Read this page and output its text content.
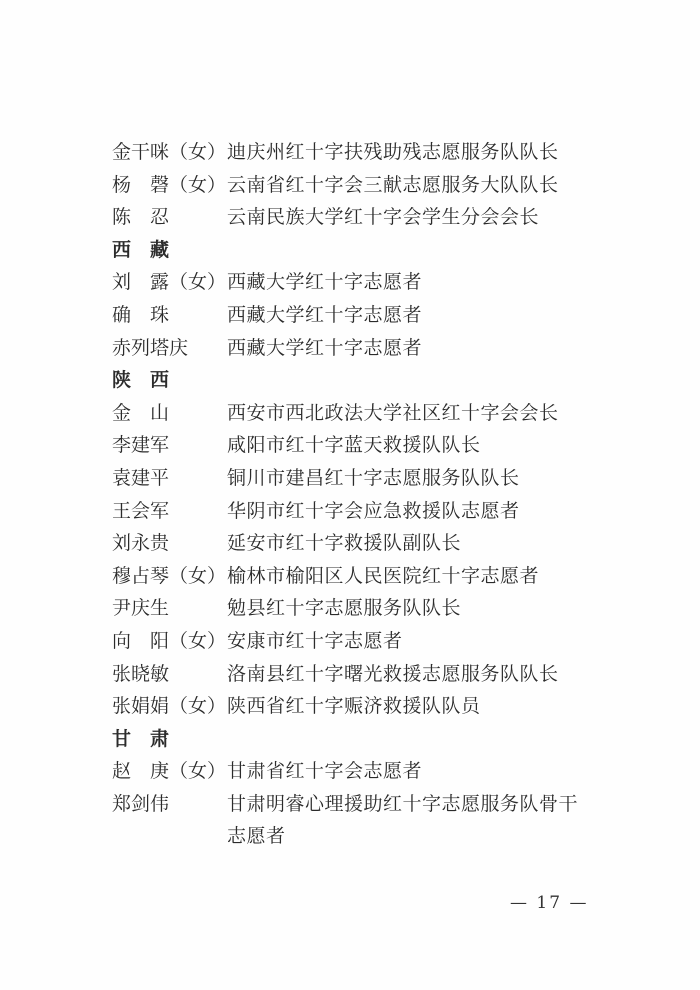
金干咪（女） 迪庆州红十字扶残助残志愿服务队队长
杨　磬（女） 云南省红十字会三献志愿服务大队队长
陈　忍	云南民族大学红十字会学生分会会长
西　藏
刘　露（女） 西藏大学红十字志愿者
确　珠	西藏大学红十字志愿者
赤列塔庆	西藏大学红十字志愿者
陕　西
金　山	西安市西北政法大学社区红十字会会长
李建军	咸阳市红十字蓝天救援队队长
袁建平	铜川市建昌红十字志愿服务队队长
王会军	华阴市红十字会应急救援队志愿者
刘永贵	延安市红十字救援队副队长
穆占琴（女） 榆林市榆阳区人民医院红十字志愿者
尹庆生	勉县红十字志愿服务队队长
向　阳（女） 安康市红十字志愿者
张晓敏	洛南县红十字曙光救援志愿服务队队长
张娟娟（女） 陕西省红十字赈济救援队队员
甘　肃
赵　庚（女） 甘肃省红十字会志愿者
郑剑伟	甘肃明睿心理援助红十字志愿服务队骨干志愿者
— 17 —
